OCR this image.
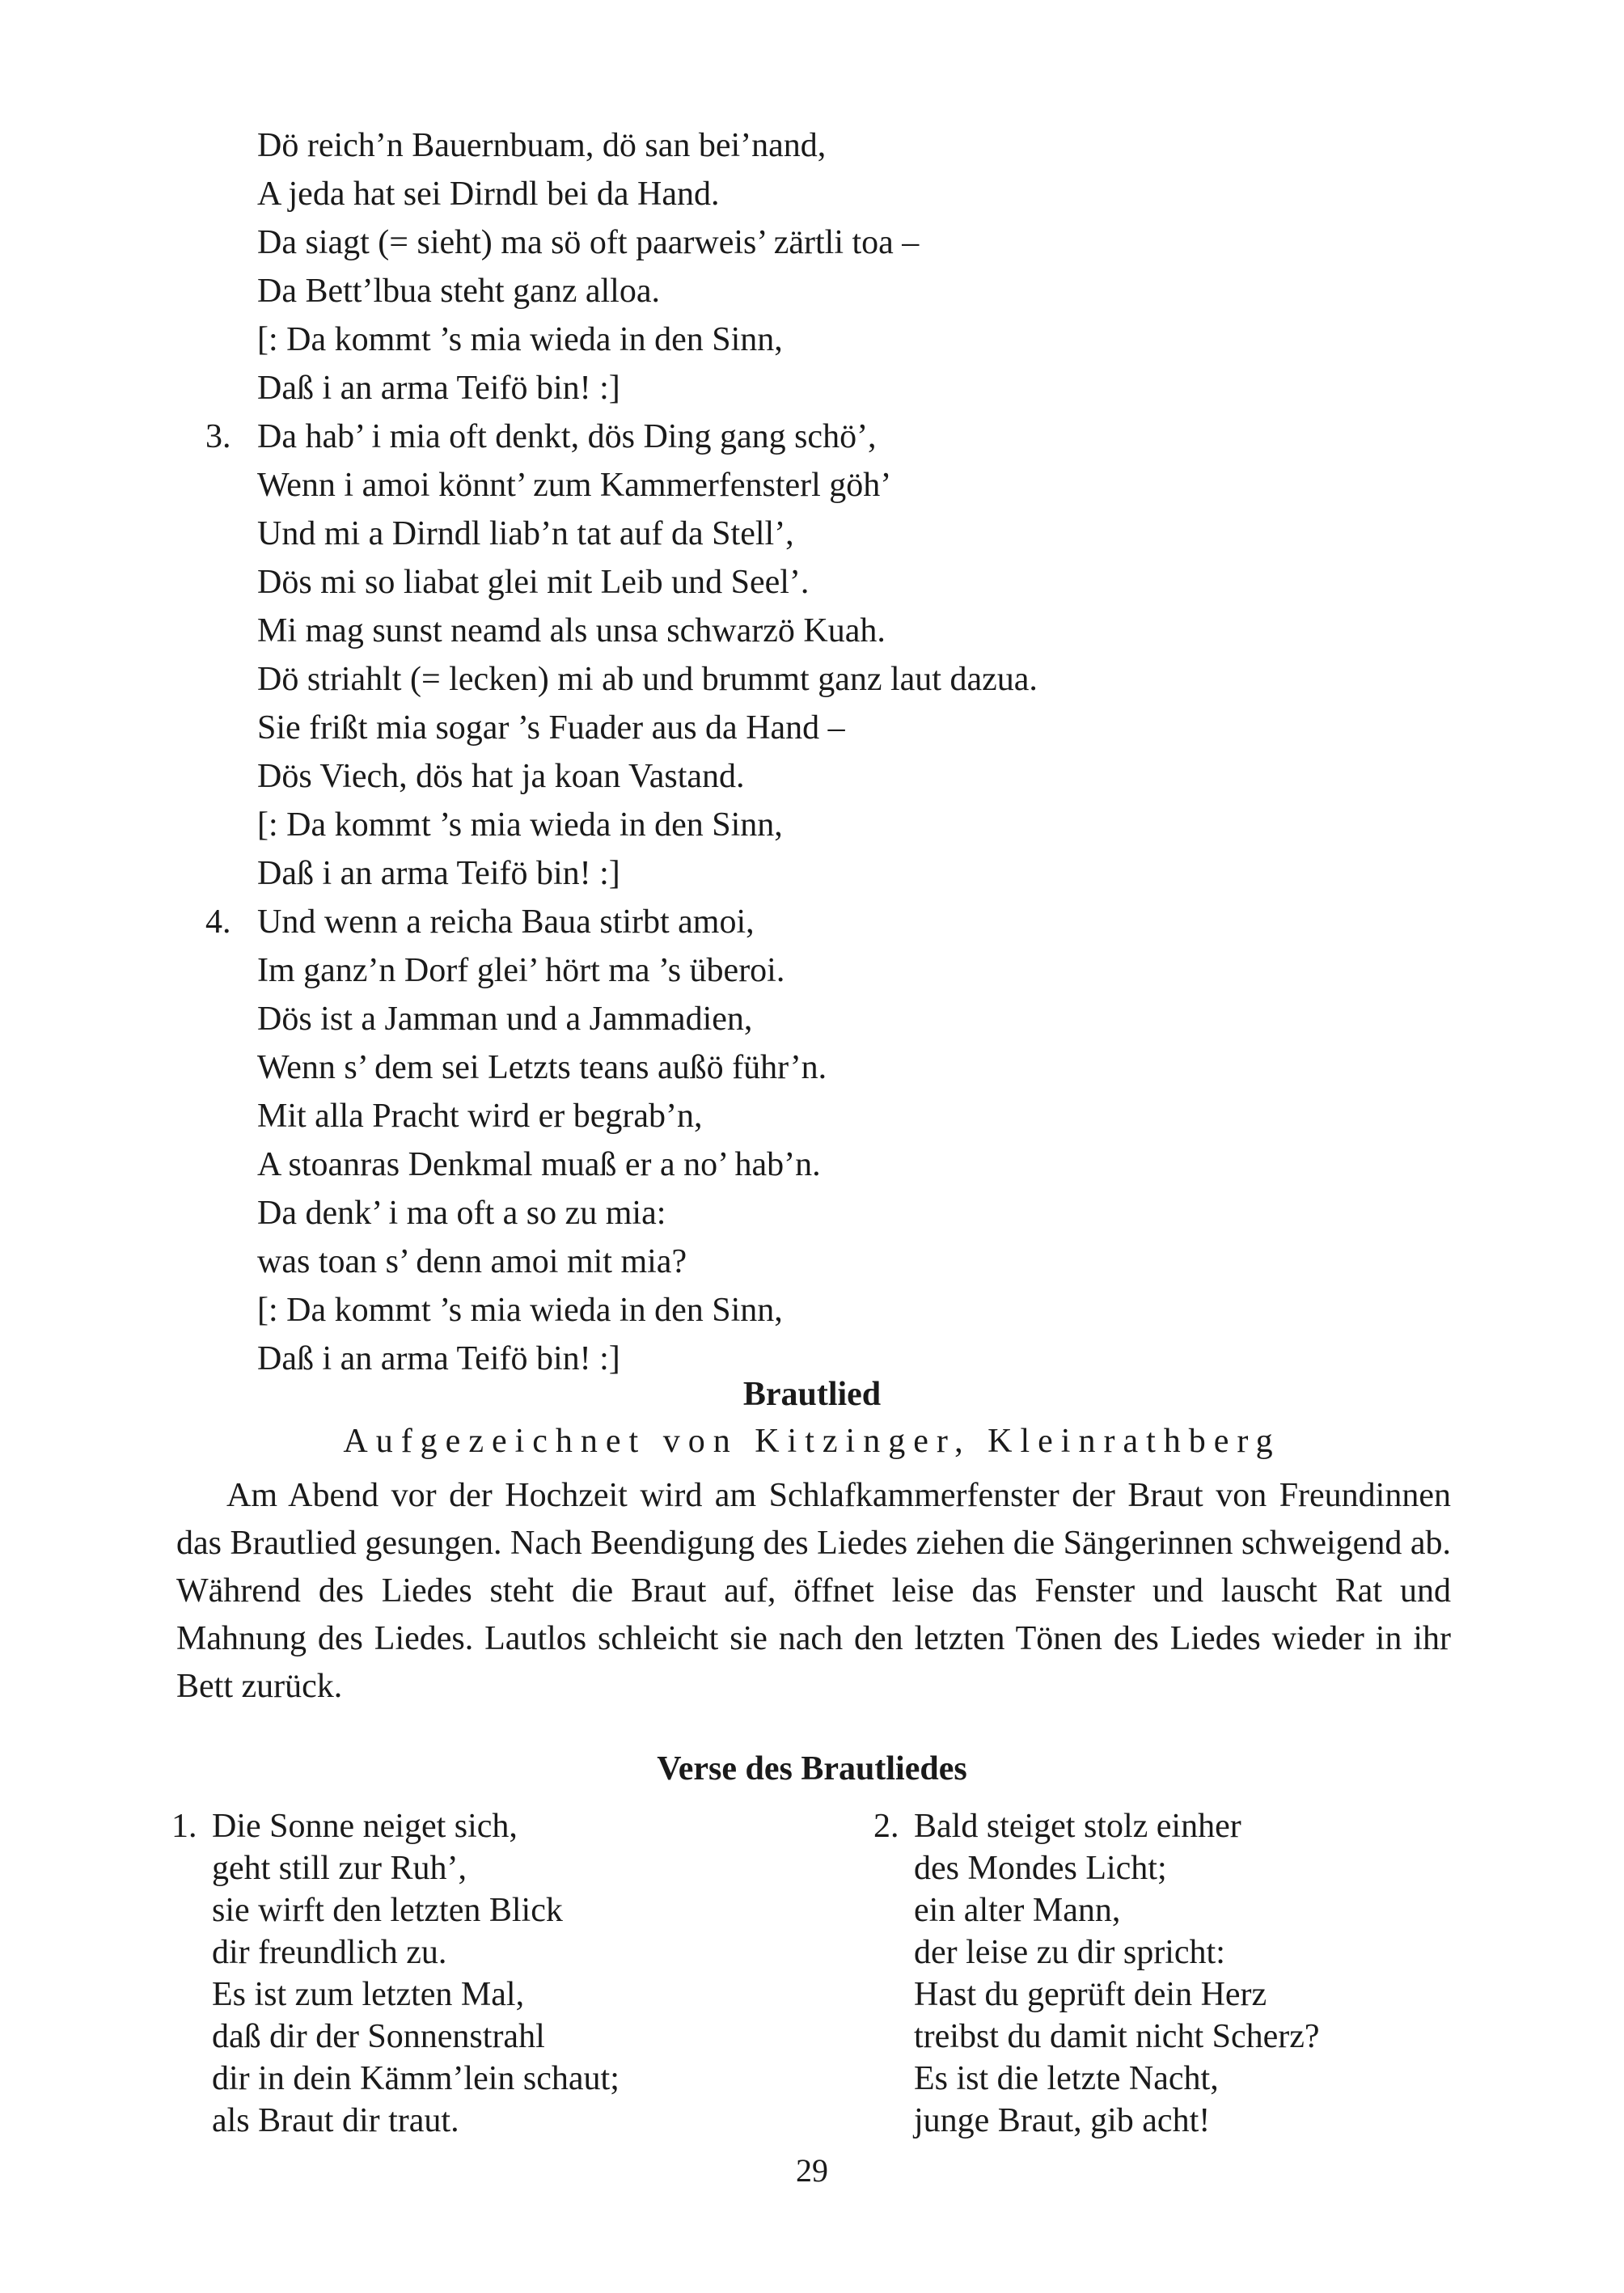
Dö reich’n Bauernbuam, dö san bei’nand,
A jeda hat sei Dirndl bei da Hand.
Da siagt (= sieht) ma sö oft paarweis’ zärtli toa –
Da Bett’lbua steht ganz alloa.
[: Da kommt ’s mia wieda in den Sinn,
Daß i an arma Teifö bin! :]
3. Da hab’ i mia oft denkt, dös Ding gang schö’,
Wenn i amoi könnt’ zum Kammerfensterl göh’
Und mi a Dirndl liab’n tat auf da Stell’,
Dös mi so liabat glei mit Leib und Seel’.
Mi mag sunst neamd als unsa schwarzö Kuah.
Dö striahlt (= lecken) mi ab und brummt ganz laut dazua.
Sie frißt mia sogar ’s Fuader aus da Hand –
Dös Viech, dös hat ja koan Vastand.
[: Da kommt ’s mia wieda in den Sinn,
Daß i an arma Teifö bin! :]
4. Und wenn a reicha Baua stirbt amoi,
Im ganz’n Dorf glei’ hört ma ’s überoi.
Dös ist a Jamman und a Jammadien,
Wenn s’ dem sei Letzts teans außö führ’n.
Mit alla Pracht wird er begrab’n,
A stoanras Denkmal muaß er a no’ hab’n.
Da denk’ i ma oft a so zu mia:
was toan s’ denn amoi mit mia?
[: Da kommt ’s mia wieda in den Sinn,
Daß i an arma Teifö bin! :]
Brautlied
Aufgezeichnet von Kitzinger, Kleinrathberg

Am Abend vor der Hochzeit wird am Schlafkammerfenster der Braut von Freundinnen das Brautlied gesungen. Nach Beendigung des Liedes ziehen die Sängerinnen schweigend ab. Während des Liedes steht die Braut auf, öffnet leise das Fenster und lauscht Rat und Mahnung des Liedes. Lautlos schleicht sie nach den letzten Tönen des Liedes wieder in ihr Bett zurück.

Verse des Brautliedes
1. Die Sonne neiget sich,
geht still zur Ruh’,
sie wirft den letzten Blick
dir freundlich zu.
Es ist zum letzten Mal,
daß dir der Sonnenstrahl
dir in dein Kämm’lein schaut;
als Braut dir traut.
2. Bald steiget stolz einher
des Mondes Licht;
ein alter Mann,
der leise zu dir spricht:
Hast du geprüft dein Herz
treibst du damit nicht Scherz?
Es ist die letzte Nacht,
junge Braut, gib acht!
29
